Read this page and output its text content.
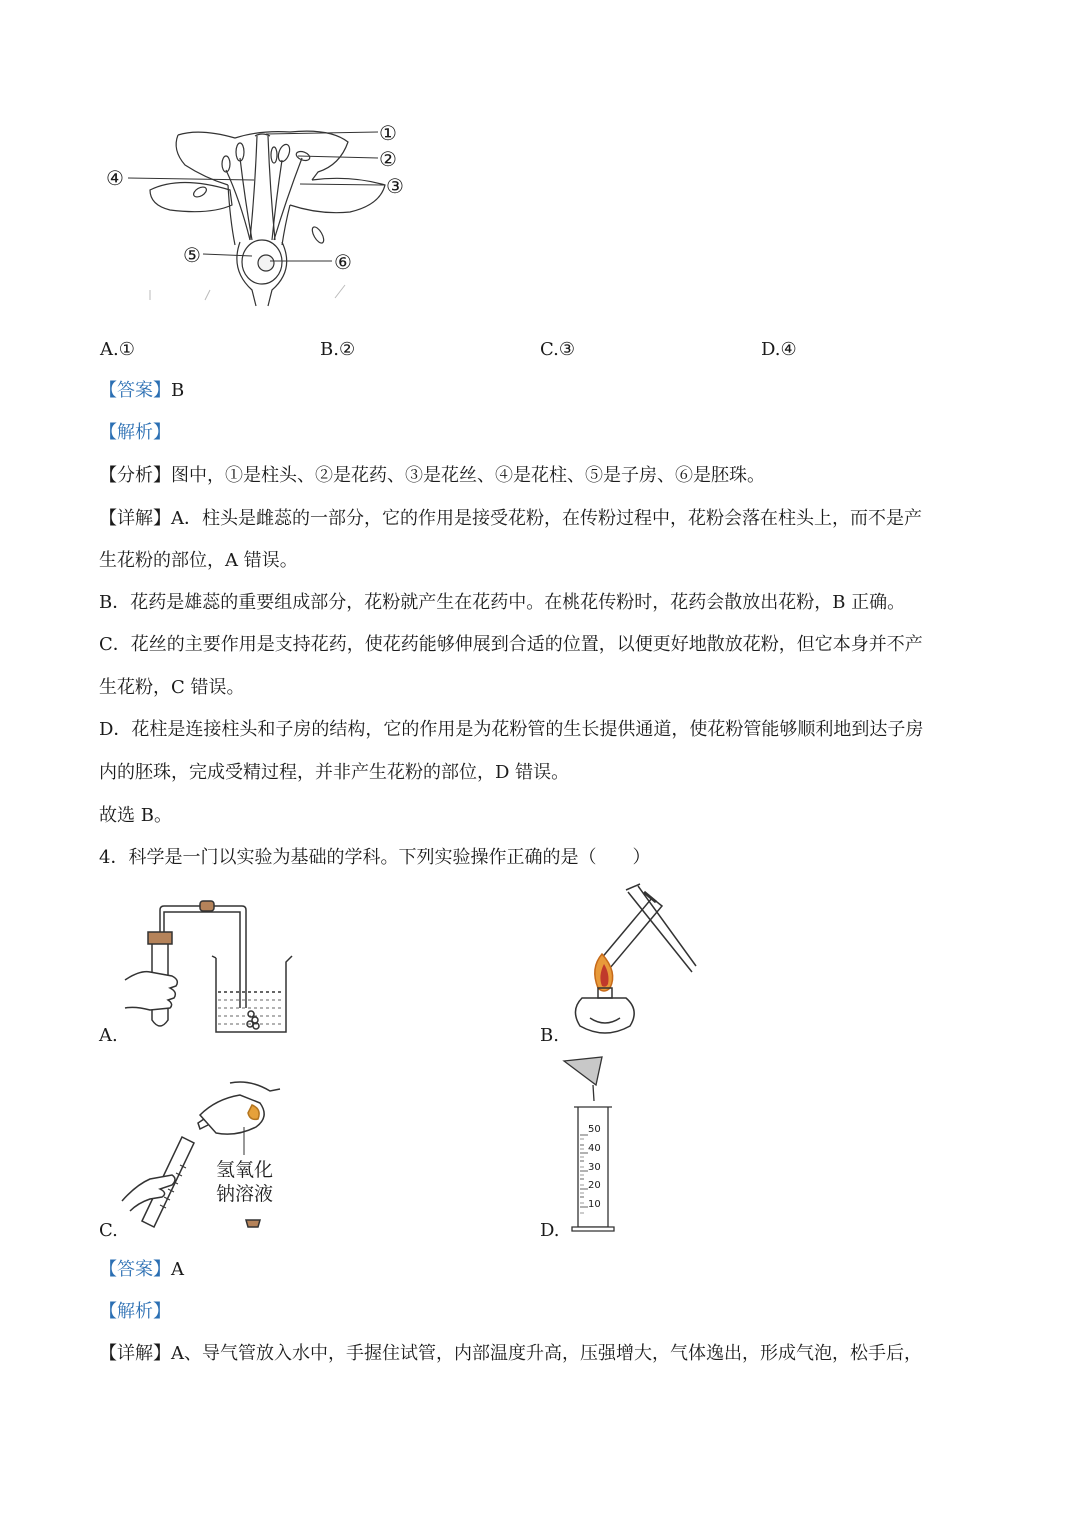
①
②
③
④
⑤	⑥
A.①	B.②	C.③	D.④
【答案】B
【解析】
【分析】图中，①是柱头、②是花药、③是花丝、④是花柱、⑤是子房、⑥是胚珠。
【详解】A．柱头是雌蕊的一部分，它的作用是接受花粉，在传粉过程中，花粉会落在柱头上，而不是产
生花粉的部位，A 错误。
B．花药是雄蕊的重要组成部分，花粉就产生在花药中。在桃花传粉时，花药会散放出花粉，B 正确。
C．花丝的主要作用是支持花药，使花药能够伸展到合适的位置，以便更好地散放花粉，但它本身并不产
生花粉，C 错误。
D．花柱是连接柱头和子房的结构，它的作用是为花粉管的生长提供通道，使花粉管能够顺利地到达子房
内的胚珠，完成受精过程，并非产生花粉的部位，D 错误。
故选 B。
4．科学是一门以实验为基础的学科。下列实验操作正确的是（　　）
A.	B.
氢氧化
钠溶液
C.
50
40
30
20
10
D.
【答案】A
【解析】
【详解】A、导气管放入水中，手握住试管，内部温度升高，压强增大，气体逸出，形成气泡，松手后，
